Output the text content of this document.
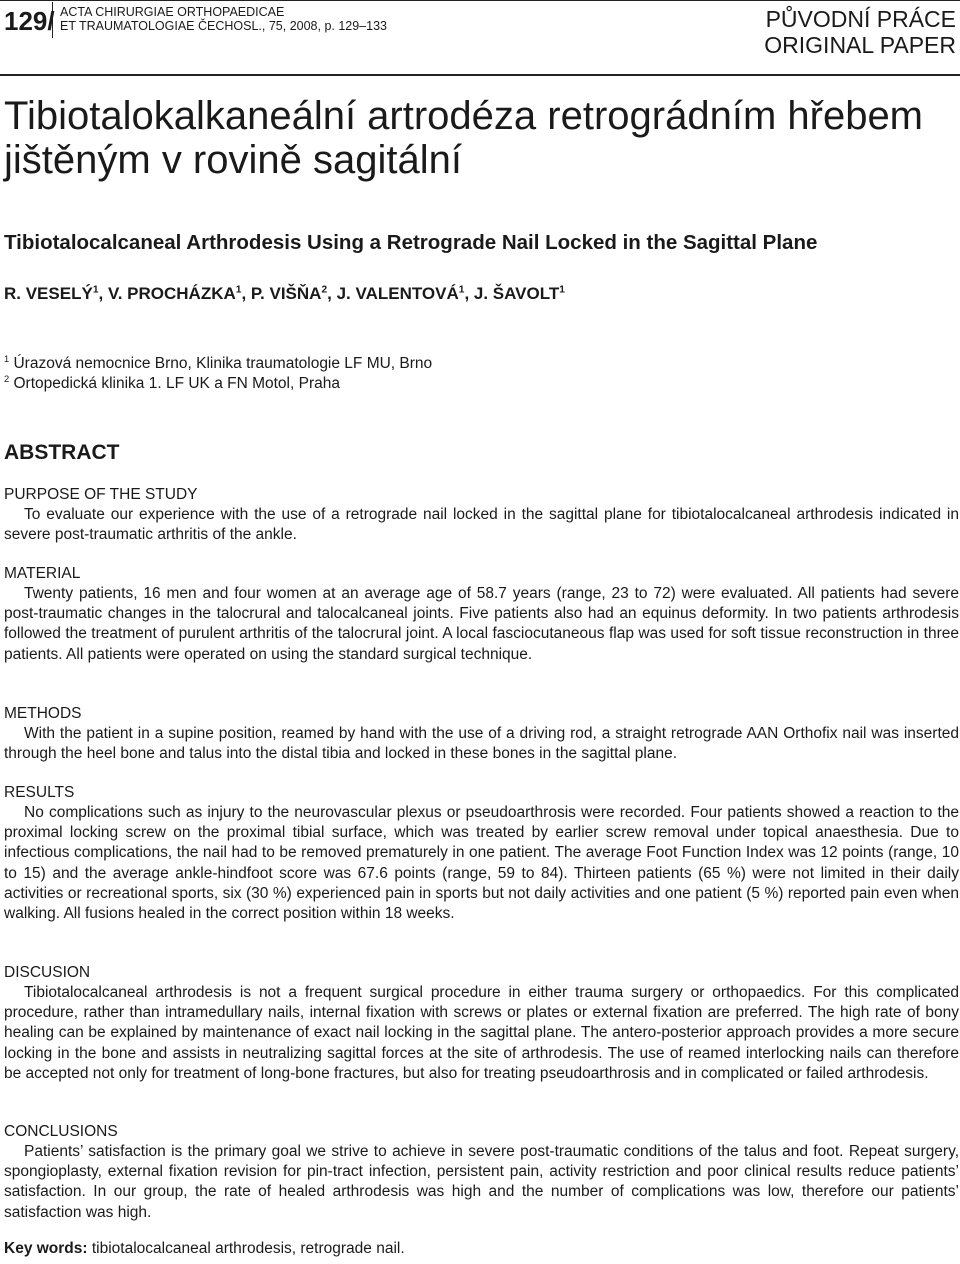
129/ ACTA CHIRURGIAE ORTHOPAEDICAE
ET TRAUMATOLOGIAE ČECHOSL., 75, 2008, p. 129–133	PŮVODNÍ PRÁCE
ORIGINAL PAPER
Tibiotalokalkaneální artrodéza retrográdním hřebem jištěným v rovině sagitální
Tibiotalocalcaneal Arthrodesis Using a Retrograde Nail Locked in the Sagittal Plane
R. VESELÝ$^1$, V. PROCHÁZKA$^1$, P. VIŠŇA$^2$, J. VALENTOVÁ$^1$, J. ŠAVOLT$^1$
$^1$ Úrazová nemocnice Brno, Klinika traumatologie LF MU, Brno
$^2$ Ortopedická klinika 1. LF UK a FN Motol, Praha
ABSTRACT
PURPOSE OF THE STUDY

To evaluate our experience with the use of a retrograde nail locked in the sagittal plane for tibiotalocalcaneal arthrodesis indicated in severe post-traumatic arthritis of the ankle.

MATERIAL

Twenty patients, 16 men and four women at an average age of 58.7 years (range, 23 to 72) were evaluated. All patients had severe post-traumatic changes in the talocrural and talocalcaneal joints. Five patients also had an equinus deformity. In two patients arthrodesis followed the treatment of purulent arthritis of the talocrural joint. A local fasciocutaneous flap was used for soft tissue reconstruction in three patients. All patients were operated on using the standard surgical technique.

METHODS

With the patient in a supine position, reamed by hand with the use of a driving rod, a straight retrograde AAN Orthofix nail was inserted through the heel bone and talus into the distal tibia and locked in these bones in the sagittal plane.

RESULTS

No complications such as injury to the neurovascular plexus or pseudoarthrosis were recorded. Four patients showed a reaction to the proximal locking screw on the proximal tibial surface, which was treated by earlier screw removal under topical anaesthesia. Due to infectious complications, the nail had to be removed prematurely in one patient. The average Foot Function Index was 12 points (range, 10 to 15) and the average ankle-hindfoot score was 67.6 points (range, 59 to 84). Thirteen patients (65 %) were not limited in their daily activities or recreational sports, six (30 %) experienced pain in sports but not daily activities and one patient (5 %) reported pain even when walking. All fusions healed in the correct position within 18 weeks.

DISCUSION

Tibiotalocalcaneal arthrodesis is not a frequent surgical procedure in either trauma surgery or orthopaedics. For this complicated procedure, rather than intramedullary nails, internal fixation with screws or plates or external fixation are preferred. The high rate of bony healing can be explained by maintenance of exact nail locking in the sagittal plane. The antero-posterior approach provides a more secure locking in the bone and assists in neutralizing sagittal forces at the site of arthrodesis. The use of reamed interlocking nails can therefore be accepted not only for treatment of long-bone fractures, but also for treating pseudoarthrosis and in complicated or failed arthrodesis.

CONCLUSIONS

Patients’ satisfaction is the primary goal we strive to achieve in severe post-traumatic conditions of the talus and foot. Repeat surgery, spongioplasty, external fixation revision for pin-tract infection, persistent pain, activity restriction and poor clinical results reduce patients’ satisfaction. In our group, the rate of healed arthrodesis was high and the number of complications was low, therefore our patients’ satisfaction was high.

Key words: tibiotalocalcaneal arthrodesis, retrograde nail.
